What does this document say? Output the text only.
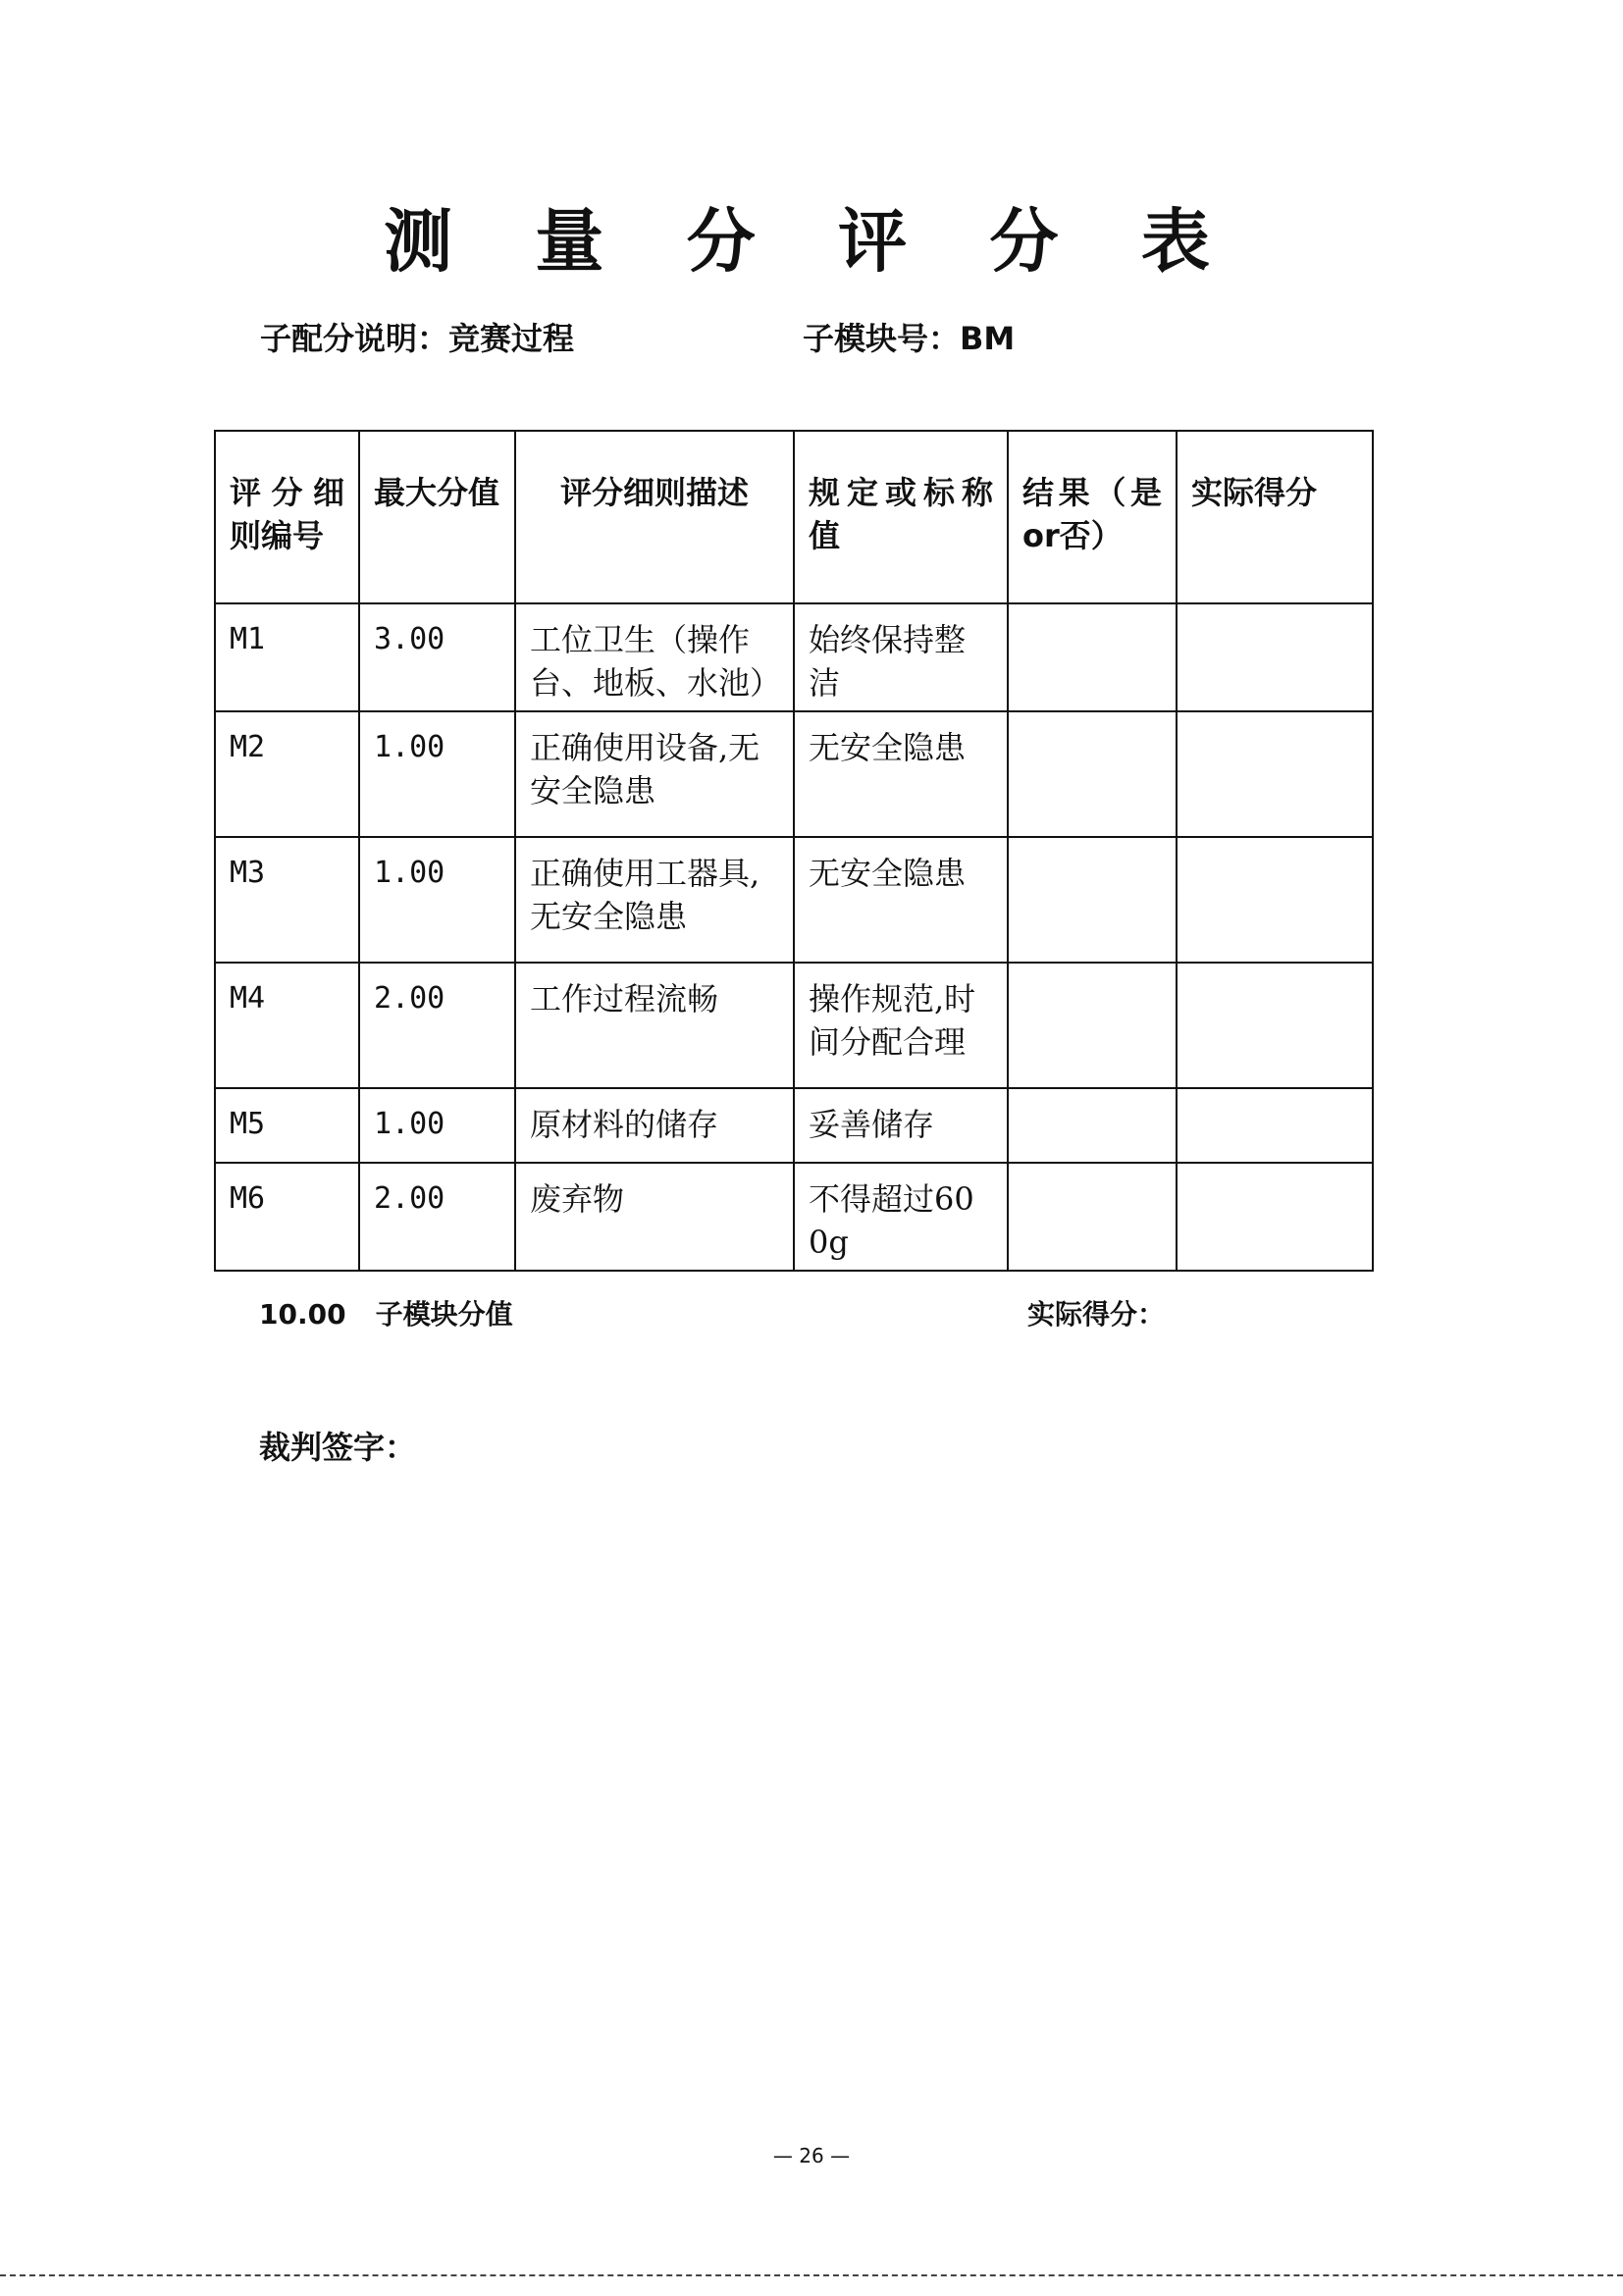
测 量 分 评 分 表
子配分说明：竞赛过程	子模块号：BM
评分细则编号	最大分值	评分细则描述	规定或标称值	结果（是or否）	实际得分
M1	3.00	工位卫生（操作台、地板、水池）	始终保持整洁		
M2	1.00	正确使用设备,无安全隐患	无安全隐患		
M3	1.00	正确使用工器具,无安全隐患	无安全隐患		
M4	2.00	工作过程流畅	操作规范,时间分配合理		
M5	1.00	原材料的储存	妥善储存		
M6	2.00	废弃物	不得超过600g		
10.00 子模块分值	实际得分：
裁判签字：
— 26 —
